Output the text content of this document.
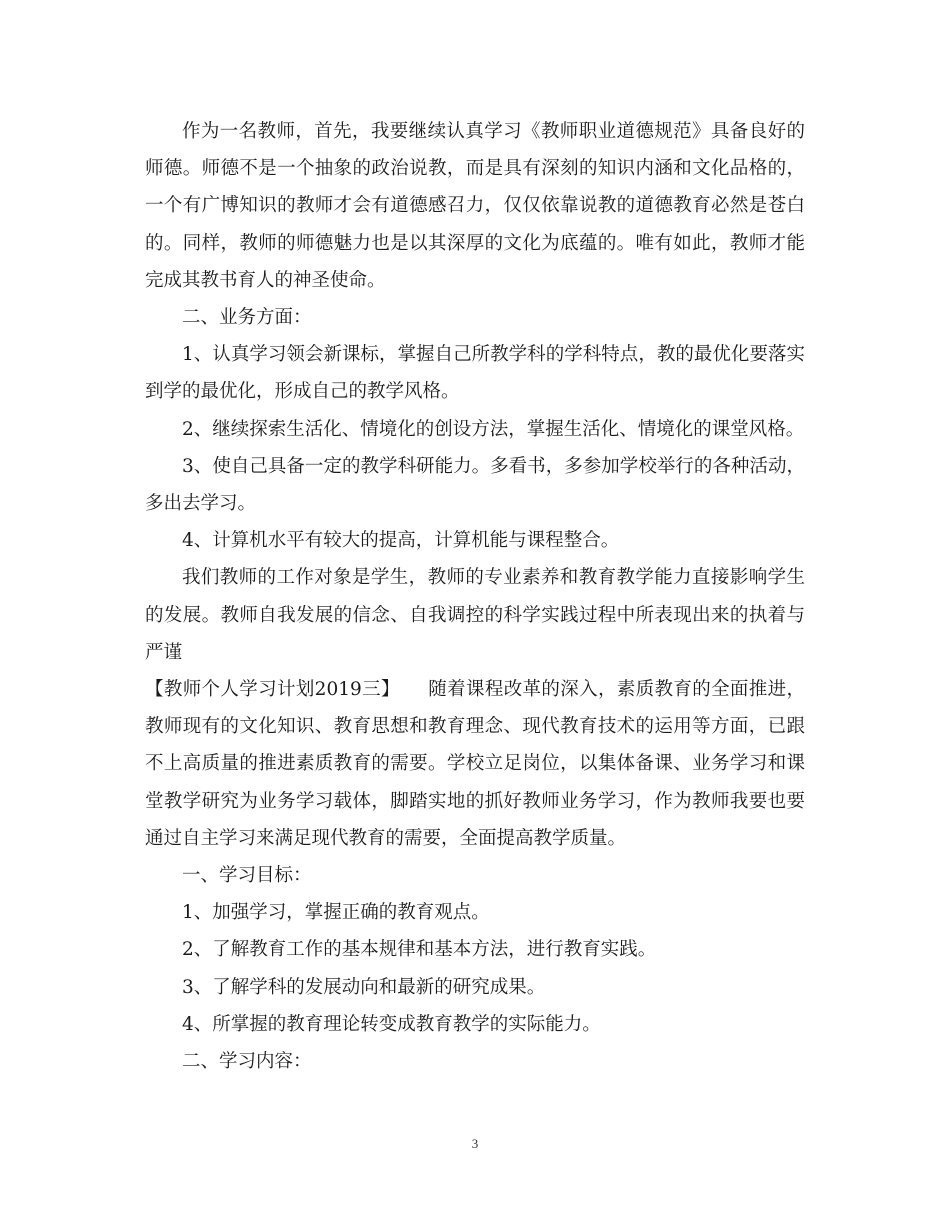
作为一名教师，首先，我要继续认真学习《教师职业道德规范》具备良好的师德。师德不是一个抽象的政治说教，而是具有深刻的知识内涵和文化品格的，一个有广博知识的教师才会有道德感召力，仅仅依靠说教的道德教育必然是苍白的。同样，教师的师德魅力也是以其深厚的文化为底蕴的。唯有如此，教师才能完成其教书育人的神圣使命。

二、业务方面：

1、认真学习领会新课标，掌握自己所教学科的学科特点，教的最优化要落实到学的最优化，形成自己的教学风格。

2、继续探索生活化、情境化的创设方法，掌握生活化、情境化的课堂风格。

3、使自己具备一定的教学科研能力。多看书，多参加学校举行的各种活动，多出去学习。

4、计算机水平有较大的提高，计算机能与课程整合。

我们教师的工作对象是学生，教师的专业素养和教育教学能力直接影响学生的发展。教师自我发展的信念、自我调控的科学实践过程中所表现出来的执着与严谨

【教师个人学习计划2019三】　　随着课程改革的深入，素质教育的全面推进，教师现有的文化知识、教育思想和教育理念、现代教育技术的运用等方面，已跟不上高质量的推进素质教育的需要。学校立足岗位，以集体备课、业务学习和课堂教学研究为业务学习载体，脚踏实地的抓好教师业务学习，作为教师我要也要通过自主学习来满足现代教育的需要，全面提高教学质量。

一、学习目标：

1、加强学习，掌握正确的教育观点。

2、了解教育工作的基本规律和基本方法，进行教育实践。

3、了解学科的发展动向和最新的研究成果。

4、所掌握的教育理论转变成教育教学的实际能力。

二、学习内容：

3
